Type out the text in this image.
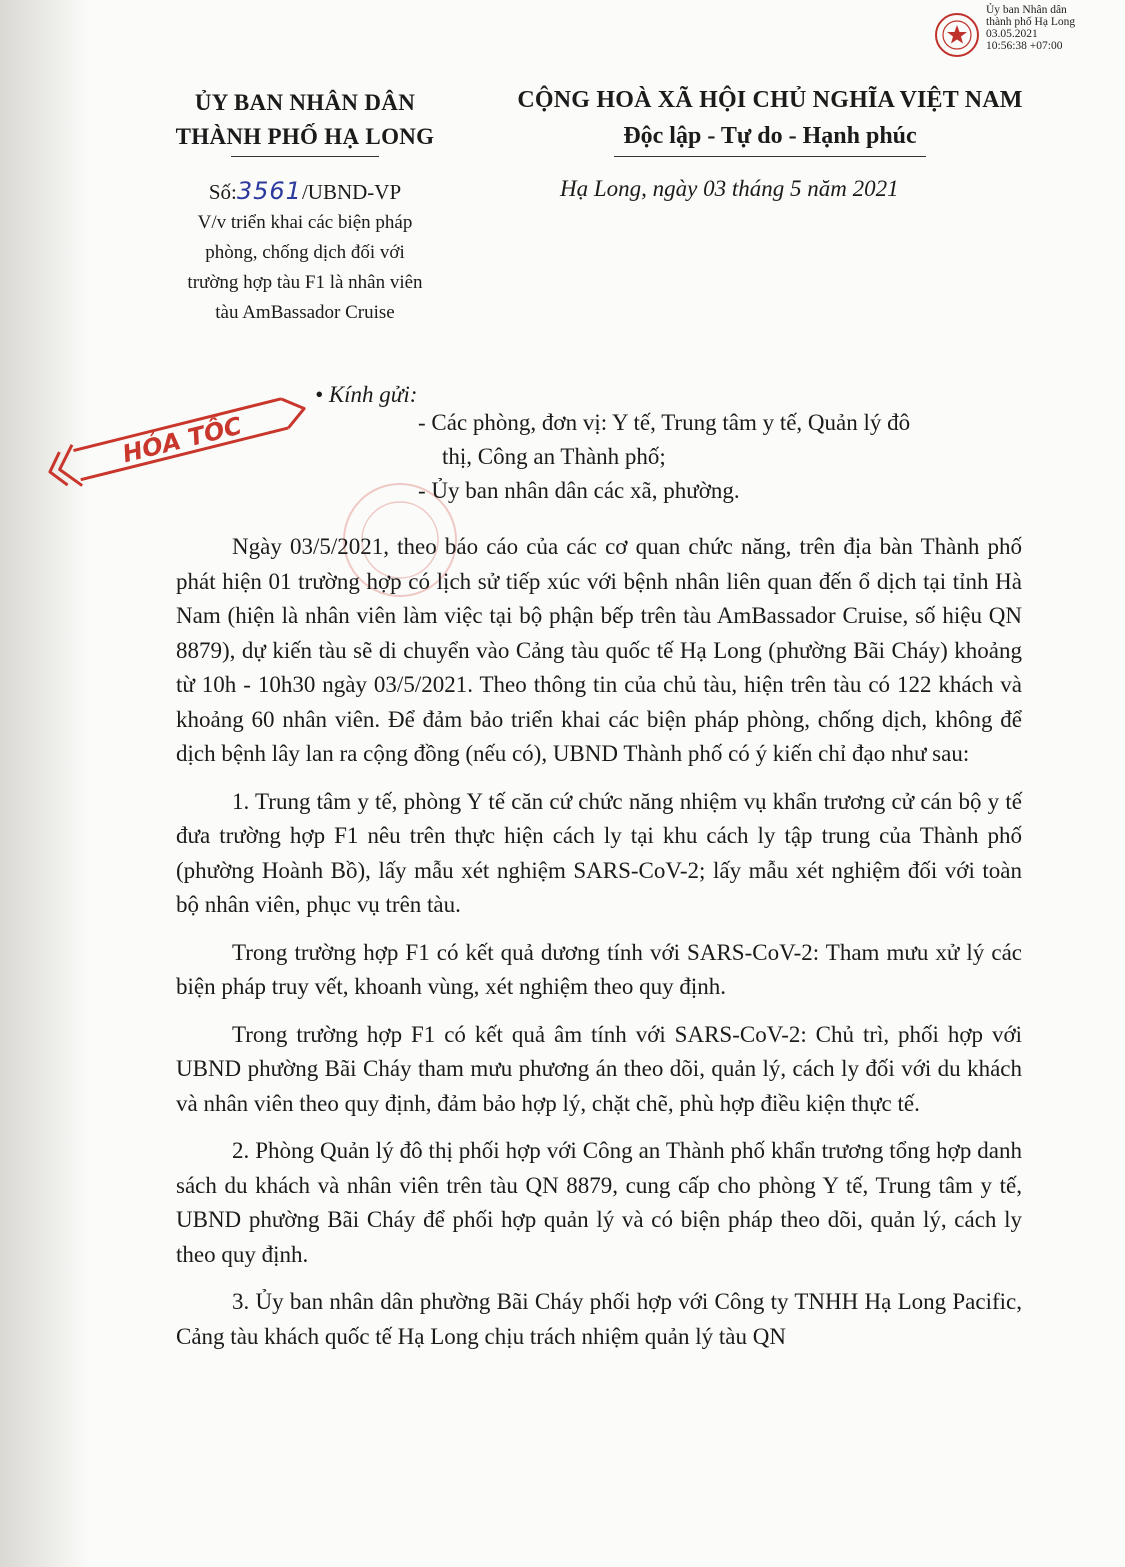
Ủy ban Nhân dân
thành phố Hạ Long
03.05.2021
10:56:38 +07:00
ỦY BAN NHÂN DÂN
THÀNH PHỐ HẠ LONG
CỘNG HOÀ XÃ HỘI CHỦ NGHĨA VIỆT NAM
Độc lập - Tự do - Hạnh phúc
Số:3561/UBND-VP
V/v triển khai các biện pháp
phòng, chống dịch đối với
trường hợp tàu F1 là nhân viên
tàu AmBassador Cruise
Hạ Long, ngày 03 tháng 5 năm 2021
HỎA TỐC
• Kính gửi:

- Các phòng, đơn vị: Y tế, Trung tâm y tế, Quản lý đô

thị, Công an Thành phố;

- Ủy ban nhân dân các xã, phường.

Ngày 03/5/2021, theo báo cáo của các cơ quan chức năng, trên địa bàn Thành phố phát hiện 01 trường hợp có lịch sử tiếp xúc với bệnh nhân liên quan đến ổ dịch tại tỉnh Hà Nam (hiện là nhân viên làm việc tại bộ phận bếp trên tàu AmBassador Cruise, số hiệu QN 8879), dự kiến tàu sẽ di chuyển vào Cảng tàu quốc tế Hạ Long (phường Bãi Cháy) khoảng từ 10h - 10h30 ngày 03/5/2021. Theo thông tin của chủ tàu, hiện trên tàu có 122 khách và khoảng 60 nhân viên. Để đảm bảo triển khai các biện pháp phòng, chống dịch, không để dịch bệnh lây lan ra cộng đồng (nếu có), UBND Thành phố có ý kiến chỉ đạo như sau:

1. Trung tâm y tế, phòng Y tế căn cứ chức năng nhiệm vụ khẩn trương cử cán bộ y tế đưa trường hợp F1 nêu trên thực hiện cách ly tại khu cách ly tập trung của Thành phố (phường Hoành Bồ), lấy mẫu xét nghiệm SARS-CoV-2; lấy mẫu xét nghiệm đối với toàn bộ nhân viên, phục vụ trên tàu.

Trong trường hợp F1 có kết quả dương tính với SARS-CoV-2: Tham mưu xử lý các biện pháp truy vết, khoanh vùng, xét nghiệm theo quy định.

Trong trường hợp F1 có kết quả âm tính với SARS-CoV-2: Chủ trì, phối hợp với UBND phường Bãi Cháy tham mưu phương án theo dõi, quản lý, cách ly đối với du khách và nhân viên theo quy định, đảm bảo hợp lý, chặt chẽ, phù hợp điều kiện thực tế.

2. Phòng Quản lý đô thị phối hợp với Công an Thành phố khẩn trương tổng hợp danh sách du khách và nhân viên trên tàu QN 8879, cung cấp cho phòng Y tế, Trung tâm y tế, UBND phường Bãi Cháy để phối hợp quản lý và có biện pháp theo dõi, quản lý, cách ly theo quy định.

3. Ủy ban nhân dân phường Bãi Cháy phối hợp với Công ty TNHH Hạ Long Pacific, Cảng tàu khách quốc tế Hạ Long chịu trách nhiệm quản lý tàu QN
